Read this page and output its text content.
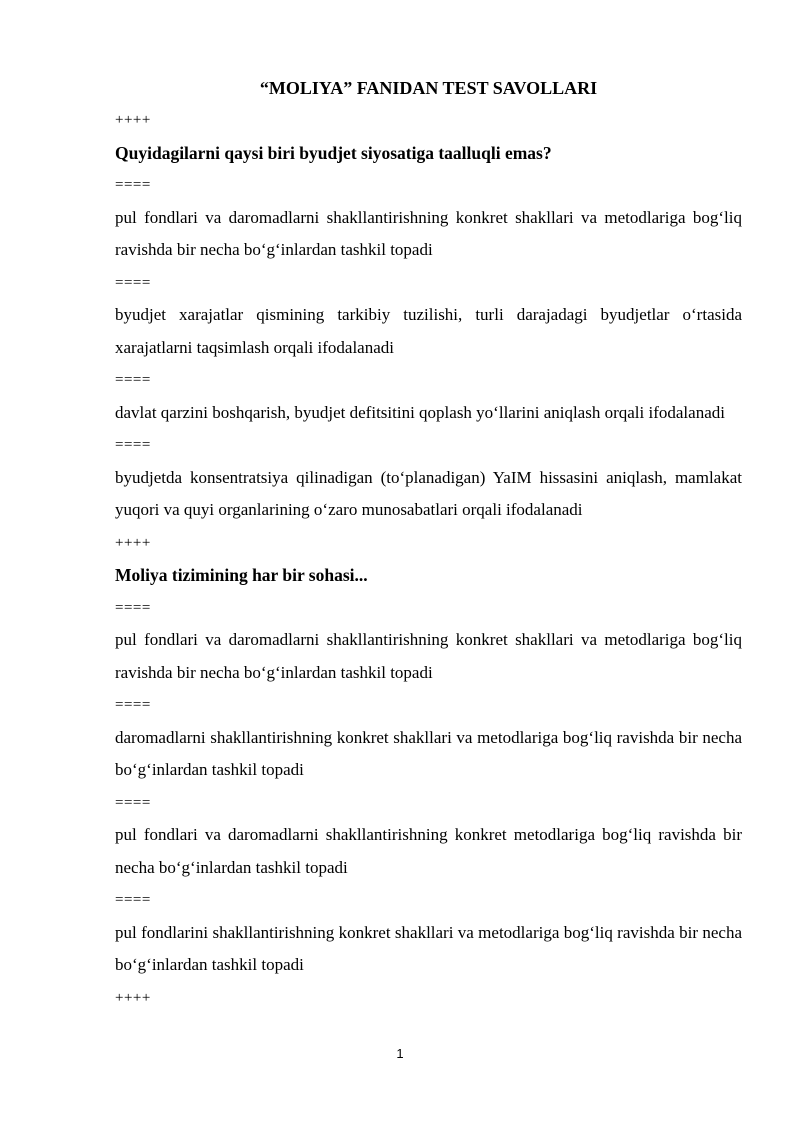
“MOLIYA” FANIDAN TEST SAVOLLARI

++++

Quyidagilarni qaysi biri byudjet siyosatiga taalluqli emas?

====

pul fondlari va daromadlarni shakllantirishning konkret shakllari va metodlariga bog‘liq ravishda bir necha bo‘g‘inlardan tashkil topadi

====

byudjet xarajatlar qismining tarkibiy tuzilishi, turli darajadagi byudjetlar o‘rtasida xarajatlarni taqsimlash orqali ifodalanadi

====

davlat qarzini boshqarish, byudjet defitsitini qoplash yo‘llarini aniqlash orqali ifodalanadi

====

byudjetda konsentratsiya qilinadigan (to‘planadigan) YaIM hissasini aniqlash, mamlakat yuqori va quyi organlarining o‘zaro munosabatlari orqali ifodalanadi

++++

Moliya tizimining har bir sohasi...

====

pul fondlari va daromadlarni shakllantirishning konkret shakllari va metodlariga bog‘liq ravishda bir necha bo‘g‘inlardan tashkil topadi

====

daromadlarni shakllantirishning konkret shakllari va metodlariga bog‘liq ravishda bir necha bo‘g‘inlardan tashkil topadi

====

pul fondlari va daromadlarni shakllantirishning konkret metodlariga bog‘liq ravishda bir necha bo‘g‘inlardan tashkil topadi

====

pul fondlarini shakllantirishning konkret shakllari va metodlariga bog‘liq ravishda bir necha bo‘g‘inlardan tashkil topadi

++++

1
